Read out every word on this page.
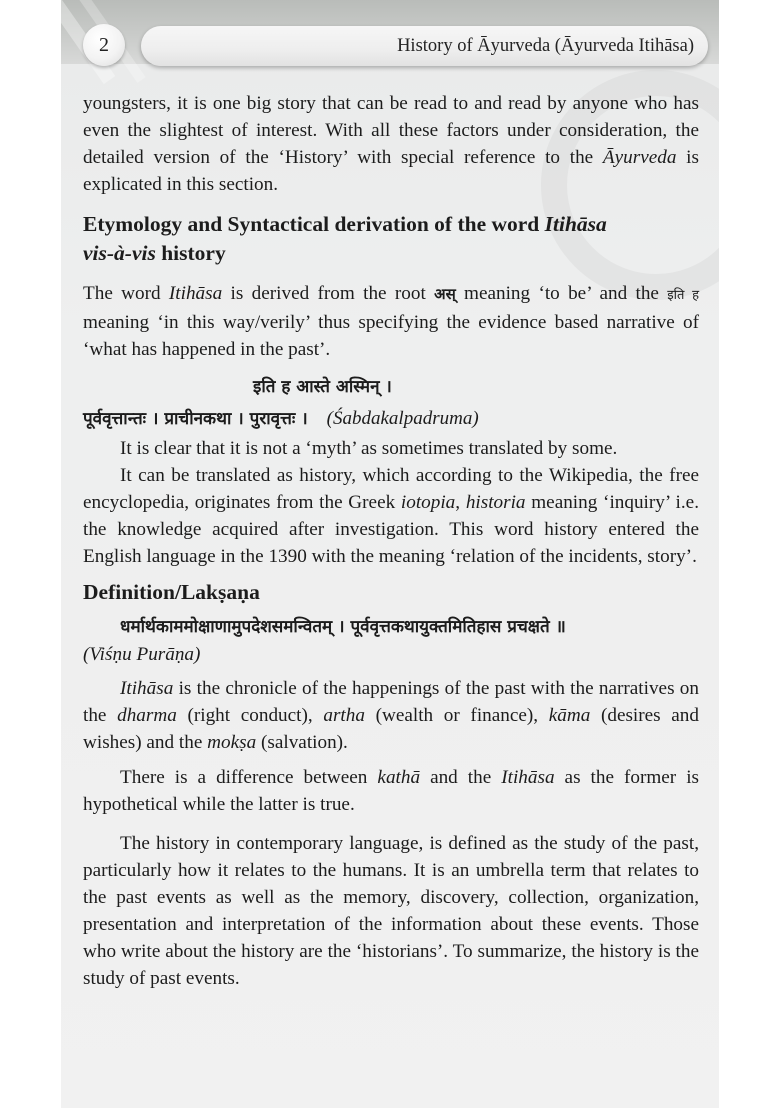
2	History of Āyurveda (Āyurveda Itihāsa)

youngsters, it is one big story that can be read to and read by anyone who has even the slightest of interest. With all these factors under consideration, the detailed version of the ‘History’ with special reference to the Āyurveda is explicated in this section.

Etymology and Syntactical derivation of the word Itihāsa
vis-à-vis history

The word Itihāsa is derived from the root अस् meaning ‘to be’ and the इति ह meaning ‘in this way/verily’ thus specifying the evidence based narrative of ‘what has happened in the past’.

इति ह आस्ते अस्मिन् ।

पूर्ववृत्तान्तः । प्राचीनकथा । पुरावृत्तः । (Śabdakalpadruma)

It is clear that it is not a ‘myth’ as sometimes translated by some.

It can be translated as history, which according to the Wikipedia, the free encyclopedia, originates from the Greek iotopia, historia meaning ‘inquiry’ i.e. the knowledge acquired after investigation. This word history entered the English language in the 1390 with the meaning ‘relation of the incidents, story’.

Definition/Lakṣaṇa

धर्मार्थकाममोक्षाणामुपदेशसमन्वितम् । पूर्ववृत्तकथायुक्तमितिहास प्रचक्षते ॥

(Viśṇu Purāṇa)

Itihāsa is the chronicle of the happenings of the past with the narratives on the dharma (right conduct), artha (wealth or finance), kāma (desires and wishes) and the mokṣa (salvation).

There is a difference between kathā and the Itihāsa as the former is hypothetical while the latter is true.

The history in contemporary language, is defined as the study of the past, particularly how it relates to the humans. It is an umbrella term that relates to the past events as well as the memory, discovery, collection, organization, presentation and interpretation of the information about these events. Those who write about the history are the ‘historians’. To summarize, the history is the study of past events.
